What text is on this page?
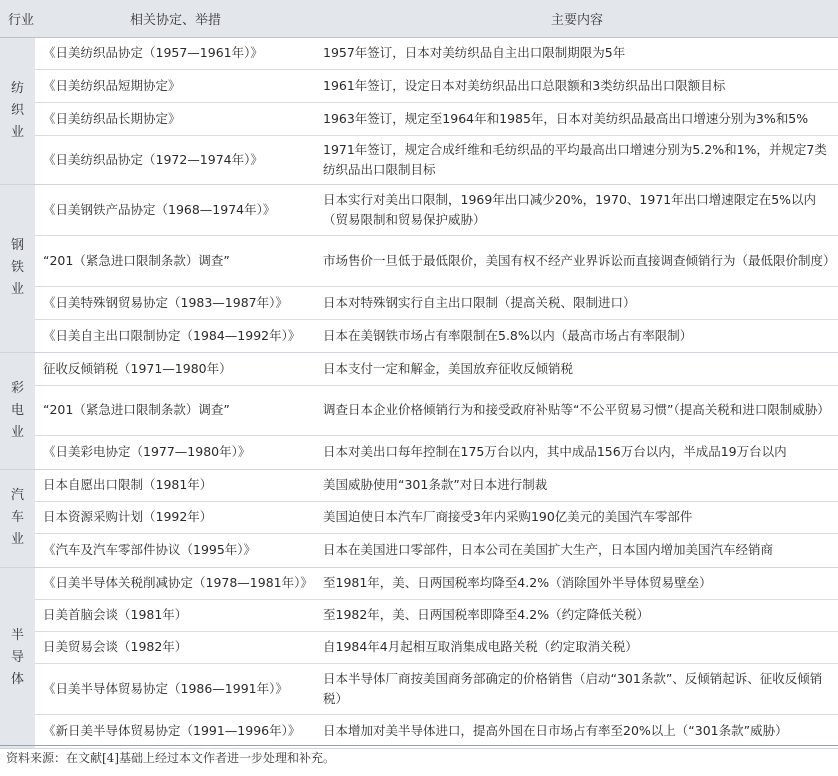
行业	相关协定、举措	主要内容
纺织业	《日美纺织品协定（1957—1961年）》	1957年签订，日本对美纺织品自主出口限制期限为5年
	《日美纺织品短期协定》	1961年签订，设定日本对美纺织品出口总限额和3类纺织品出口限额目标
	《日美纺织品长期协定》	1963年签订，规定至1964年和1985年，日本对美纺织品最高出口增速分别为3%和5%
	《日美纺织品协定（1972—1974年）》	1971年签订，规定合成纤维和毛纺织品的平均最高出口增速分别为5.2%和1%，并规定7类纺织品出口限制目标
钢铁业	《日美钢铁产品协定（1968—1974年）》	日本实行对美出口限制，1969年出口减少20%，1970、1971年出口增速限定在5%以内（贸易限制和贸易保护威胁）
	“201（紧急进口限制条款）调查”	市场售价一旦低于最低限价，美国有权不经产业界诉讼而直接调查倾销行为（最低限价制度）
	《日美特殊钢贸易协定（1983—1987年）》	日本对特殊钢实行自主出口限制（提高关税、限制进口）
	《日美自主出口限制协定（1984—1992年）》	日本在美钢铁市场占有率限制在5.8%以内（最高市场占有率限制）
彩电业	征收反倾销税（1971—1980年）	日本支付一定和解金，美国放弃征收反倾销税
	“201（紧急进口限制条款）调查”	调查日本企业价格倾销行为和接受政府补贴等“不公平贸易习惯”（提高关税和进口限制威胁）
	《日美彩电协定（1977—1980年）》	日本对美出口每年控制在175万台以内，其中成品156万台以内，半成品19万台以内
汽车业	日本自愿出口限制（1981年）	美国威胁使用“301条款”对日本进行制裁
	日本资源采购计划（1992年）	美国迫使日本汽车厂商接受3年内采购190亿美元的美国汽车零部件
	《汽车及汽车零部件协议（1995年）》	日本在美国进口零部件，日本公司在美国扩大生产，日本国内增加美国汽车经销商
半导体	《日美半导体关税削减协定（1978—1981年）》	至1981年，美、日两国税率均降至4.2%（消除国外半导体贸易壁垒）
	日美首脑会谈（1981年）	至1982年，美、日两国税率即降至4.2%（约定降低关税）
	日美贸易会谈（1982年）	自1984年4月起相互取消集成电路关税（约定取消关税）
	《日美半导体贸易协定（1986—1991年）》	日本半导体厂商按美国商务部确定的价格销售（启动“301条款”、反倾销起诉、征收反倾销税）
	《新日美半导体贸易协定（1991—1996年）》	日本增加对美半导体进口，提高外国在日市场占有率至20%以上（“301条款”威胁）
资料来源：在文献[4]基础上经过本文作者进一步处理和补充。
